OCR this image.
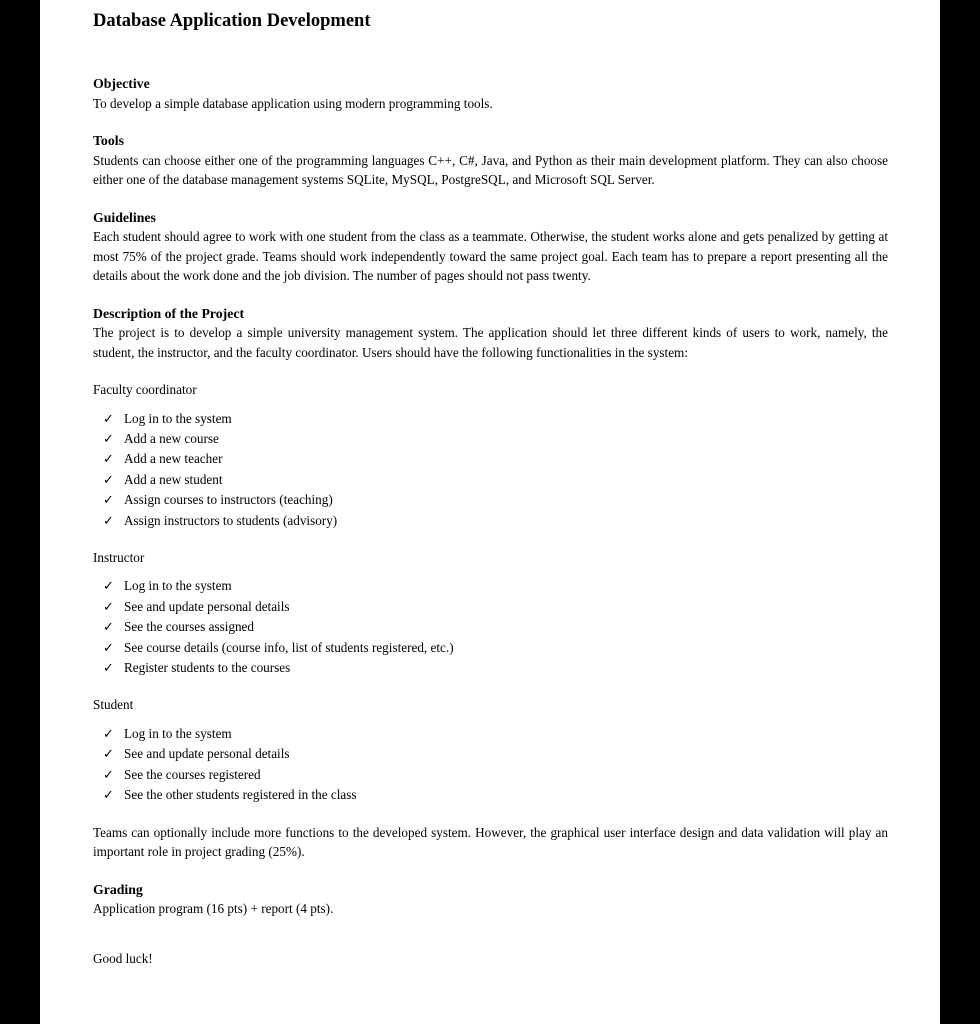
Database Application Development
Objective
To develop a simple database application using modern programming tools.
Tools
Students can choose either one of the programming languages C++, C#, Java, and Python as their main development platform. They can also choose either one of the database management systems SQLite, MySQL, PostgreSQL, and Microsoft SQL Server.
Guidelines
Each student should agree to work with one student from the class as a teammate. Otherwise, the student works alone and gets penalized by getting at most 75% of the project grade. Teams should work independently toward the same project goal. Each team has to prepare a report presenting all the details about the work done and the job division. The number of pages should not pass twenty.
Description of the Project
The project is to develop a simple university management system. The application should let three different kinds of users to work, namely, the student, the instructor, and the faculty coordinator. Users should have the following functionalities in the system:
Faculty coordinator
✓ Log in to the system
✓ Add a new course
✓ Add a new teacher
✓ Add a new student
✓ Assign courses to instructors (teaching)
✓ Assign instructors to students (advisory)
Instructor
✓ Log in to the system
✓ See and update personal details
✓ See the courses assigned
✓ See course details (course info, list of students registered, etc.)
✓ Register students to the courses
Student
✓ Log in to the system
✓ See and update personal details
✓ See the courses registered
✓ See the other students registered in the class
Teams can optionally include more functions to the developed system. However, the graphical user interface design and data validation will play an important role in project grading (25%).
Grading
Application program (16 pts) + report (4 pts).
Good luck!
